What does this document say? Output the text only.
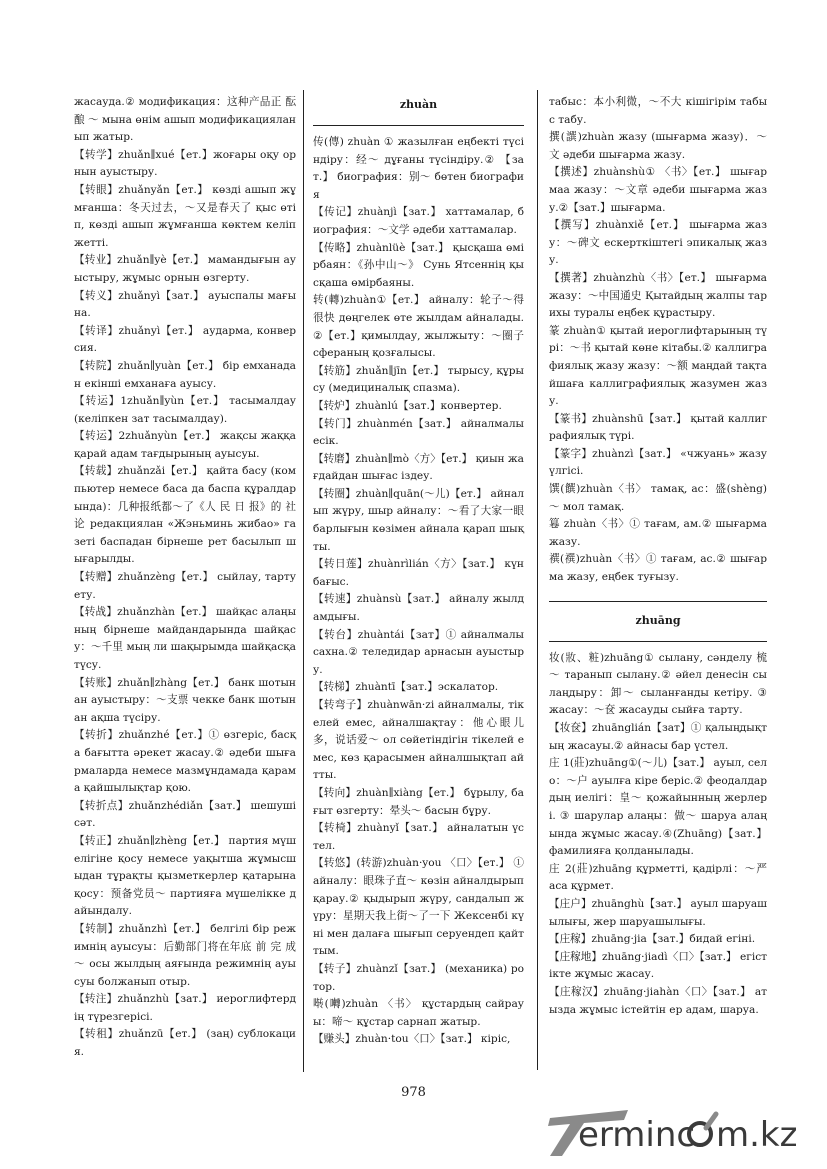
жасаудa.② модификация：这种产品正 酝 酿 ～ мына өнім ашып модификацияланып жатыр.

【转学】zhuǎn∥xué【ет.】жоғары оқу орнын ауыстыру.

【转眼】zhuǎnyǎn【ет.】 көзді ашып жұмғанша：冬天过去，～又是春天了 қыс өтіп, көзді ашып жұмғанша көктем келіп жетті.

【转业】zhuǎn∥yè【ет.】 мамандығын ауыстыру, жұмыс орнын өзгерту.

【转义】zhuǎnyì【зат.】 ауыспалы мағына.

【转译】zhuǎnyì【ет.】 аударма, конверсия.

【转院】zhuǎn∥yuàn【ет.】 бір емханадан екінші емханаға ауысу.

【转运】1zhuǎn∥yùn【ет.】 тасымалдау (келіпкен зат тасымалдау).

【转运】2zhuǎnyùn【ет.】 жақсы жаққа қарай адам тағдырының ауысуы.

【转载】zhuǎnzǎi【ет.】 қайта басу (компьютер немесе баса да баспа құралдарында)：几种报纸都～了《人 民 日 报》的 社 论 редакциялан «Жэньминь жибао» газеті баспадан бірнеше рет басылып шығарылды.

【转赠】zhuǎnzèng【ет.】 сыйлау, тарту ету.

【转战】zhuǎnzhàn【ет.】 шайқас алаңының бірнеше майдандарында шайқасу：～千里 мың ли шақырымда шайқасқа түсу.

【转账】zhuǎn∥zhàng【ет.】 банк шотынан ауыстыру：～支票 чекке банк шотынан ақша түсіру.

【转折】zhuǎnzhé【ет.】① өзгеріс, басқа бағытта әрекет жасау.② әдеби шығармаларда немесе мазмұндамада қарама қайшылықтар қою.

【转折点】zhuǎnzhédiǎn【зат.】 шешуші сәт.

【转正】zhuǎn∥zhèng【ет.】 партия мүшелігіне қосу немесе уақытша жұмысшыдан тұрақты қызметкерлер қатарына қосу：预备党员～ партияға мүшелікке дайындалу.

【转制】zhuǎnzhì【ет.】 белгілі бір режимнің ауысуы：后勤部门将在年底 前 完 成 ～ осы жылдың аяғында режимнің ауысуы болжанып отыр.

【转注】zhuǎnzhù【зат.】 иероглифтердің түрезгерісі.

【转租】zhuǎnzū【ет.】 (заң) сублокация.

zhuàn

传(傳) zhuàn ① жазылған еңбекті түсіндіру：经～ дұғаны түсіндіру.② 【зат.】 биография：别～ бөтен биография

【传记】zhuànjì【зат.】 хаттамалар, биография：～文学 әдеби хаттамалар.

【传略】zhuànlüè【зат.】 қысқаша өмірбаян：《孙中山～》 Сунь Ятсеннің қысқаша өмірбаяны.

转(轉)zhuàn①【ет.】 айналу：轮子～得很快 дөңгелек өте жылдам айналады.②【ет.】қимылдау, жылжыту：～圈子 сфераның қозғалысы.

【转筋】zhuǎn∥jīn【ет.】 тырысу, құрысу (медициналық спазма).

【转炉】zhuànlú【зат.】конвертер.

【转门】zhuànmén【зат.】 айналмалы есік.

【转磨】zhuàn∥mò〈方〉【ет.】 қиын жағдайдан шығас іздеу.

【转圈】zhuàn∥quān(～儿)【ет.】 айналып жүру, шыр айналу：～看了大家一眼 барлығын көзімен айнала қарап шықты.

【转日莲】zhuànrìlián〈方〉【зат.】 күнбағыс.

【转速】zhuànsù【зат.】 айналу жылдамдығы.

【转台】zhuàntái【зат】① айналмалы сахна.② теледидар арнасын ауыстыру.

【转梯】zhuàntī【зат.】эскалатор.

【转弯子】zhuànwān·zi айналмалы, тікелей емес, айналшақтау：他心眼儿多，说话爱～ ол сөйетіндігін тікелей емес, көз қарасымен айналшықтап айтты.

【转向】zhuàn∥xiàng【ет.】 бұрылу, бағыт өзгерту：晕头～ басын бұру.

【转椅】zhuànyǐ【зат.】 айналатын үстел.

【转悠】(转游)zhuàn·you 〈口〉【ет.】 ① айналу：眼珠子直～ көзін айналдырып қарау.② қыдырып жүру, сандалып жүру：星期天我上街～了一下 Жексенбі күні мен далаға шығып серуендеп қайттым.

【转子】zhuànzǐ【зат.】 (механика) ротор.

啭(囀)zhuàn 〈书〉 құстардың сайрауы：啼～ құстар сарнап жатыр.

【赚头】zhuàn·tou〈口〉【зат.】 кіріс,

табыс：本小利微，～不大 кішігірім табыс табу.

撰(譔)zhuàn жазу (шығарма жазу)．～文 әдеби шығарма жазу.

【撰述】zhuànshù① 〈书〉【ет.】 шығармаа жазу：～文章 әдеби шығарма жазу.②【зат.】шығарма.

【撰写】zhuànxiě【ет.】 шығарма жазу：～碑文 ескерткіштегі эпикалық жазу.

【撰著】zhuànzhù〈书〉【ет.】 шығарма жазу：～中国通史 Қытайдың жалпы тарихы туралы еңбек құрастыру.

篆 zhuàn① қытай иероглифтарының түрі：～书 қытай көне кітабы.② каллиграфиялық жазу жазу：～额 маңдай тақтайшаға каллиграфиялық жазумен жазу.

【篆书】zhuànshū【зат.】 қытай каллиграфиялық түрі.

【篆字】zhuànzì【зат.】 «чжуань» жазу үлгісі.

馔(饌)zhuàn〈书〉 тамақ, ас：盛(shèng)～ мол тамақ.

篹 zhuàn〈书〉① тағам, ам.② шығарма жазу.

襈(襈)zhuàn〈书〉① тағам, ас.② шығарма жазу, еңбек туғызу.

zhuāng

妆(妝、粧)zhuāng① сылану, сәнделу 梳～ таранып сылану.② әйел денесін сылаңдыру：卸～ сыланғанды кетіру. ③ жасау：～奁 жасауды сыйға тарту.

【妆奁】zhuānglián【зат】① қалыңдықтың жасауы.② айнасы бар үстел.

庄 1(莊)zhuāng①(～儿)【зат.】 ауыл, село：～户 ауылға кіре беріс.② феодалдардың иелігі：皇～ қожайынның жерлері. ③ шарулар алаңы：做～ шаруа алаңында жұмыс жасау.④(Zhuāng)【зат.】 фамилияға қолданылады.

庄 2(莊)zhuāng құрметті, қадірлі：～严 аса құрмет.

【庄户】zhuānghù【зат.】 ауыл шаруашылығы, жер шаруашылығы.

【庄稼】zhuāng·jia【зат.】бидай егіні.

【庄稼地】zhuāng·jiadì〈口〉【зат.】 егістікте жұмыс жасау.

【庄稼汉】zhuāng·jiahàn〈口〉【зат.】 атызда жұмыс істейтін ер адам, шаруа.

978
erminc m.kz
